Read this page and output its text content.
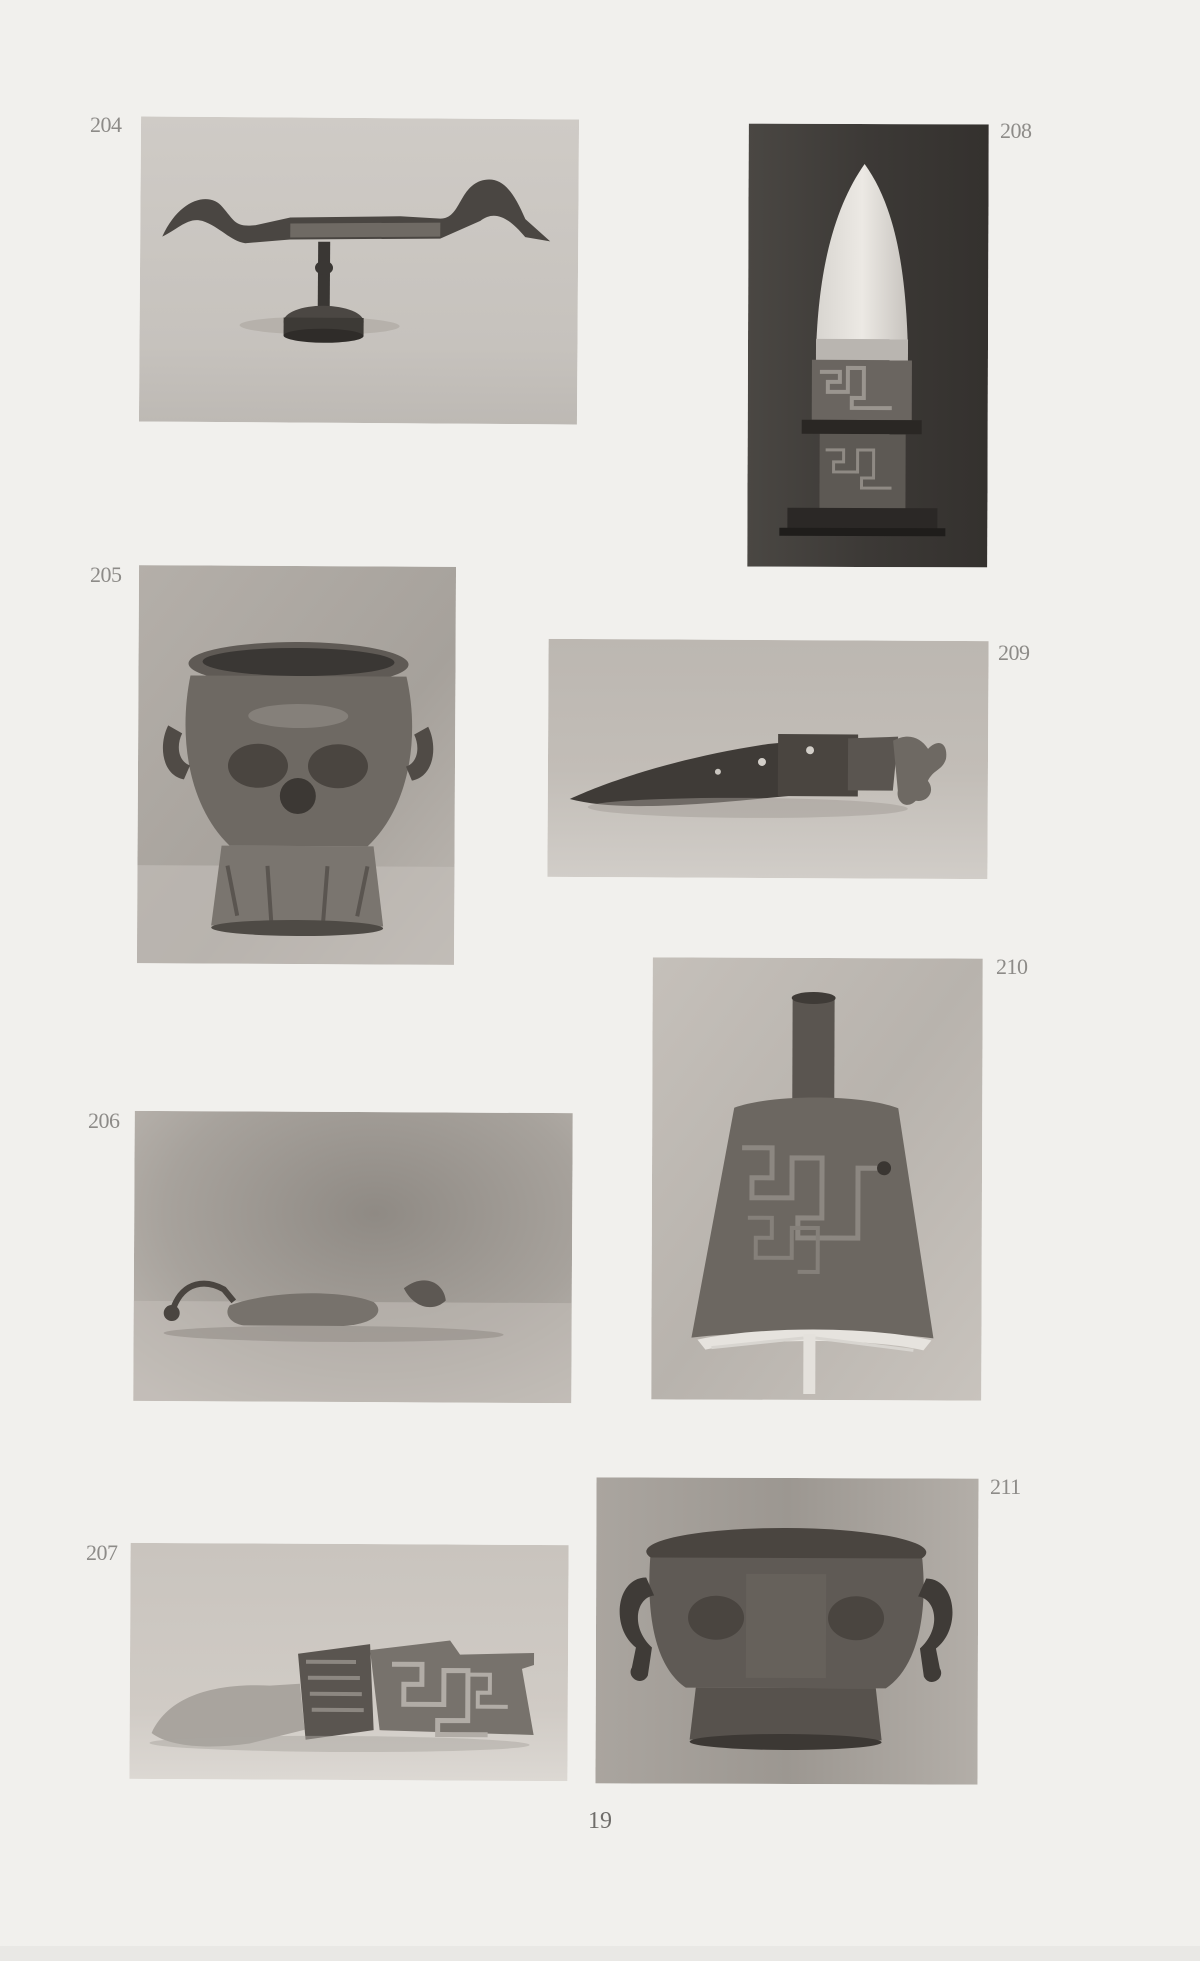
204	208
205
209
210
206
211
207
19
